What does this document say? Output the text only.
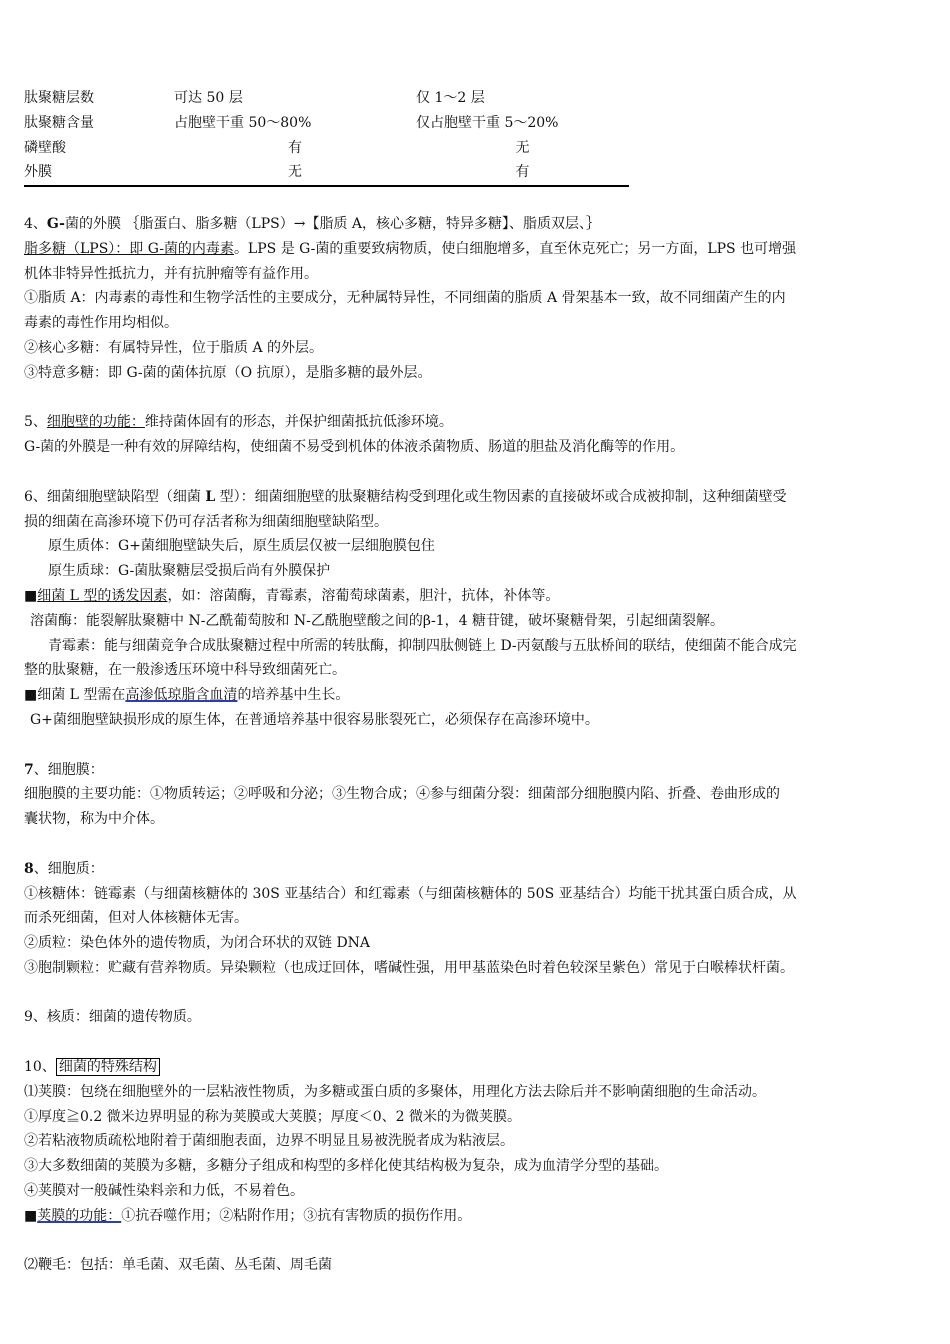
肽聚糖层数	可达 50 层	仅 1～2 层
肽聚糖含量	占胞壁干重 50～80%	仅占胞壁干重 5～20%
磷壁酸	有	无
外膜	无	有
4、G-菌的外膜 ｛脂蛋白、脂多糖（LPS）→【脂质 A，核心多糖，特异多糖】、脂质双层、｝
脂多糖（LPS）：即 G-菌的内毒素。LPS 是 G-菌的重要致病物质，使白细胞增多，直至休克死亡；另一方面，LPS 也可增强
机体非特异性抵抗力，并有抗肿瘤等有益作用。
①脂质 A：内毒素的毒性和生物学活性的主要成分，无种属特异性，不同细菌的脂质 A 骨架基本一致，故不同细菌产生的内
毒素的毒性作用均相似。
②核心多糖：有属特异性，位于脂质 A 的外层。
③特意多糖：即 G-菌的菌体抗原（O 抗原），是脂多糖的最外层。
5、细胞壁的功能：维持菌体固有的形态，并保护细菌抵抗低渗环境。
G-菌的外膜是一种有效的屏障结构，使细菌不易受到机体的体液杀菌物质、肠道的胆盐及消化酶等的作用。
6、细菌细胞壁缺陷型（细菌 L 型）：细菌细胞壁的肽聚糖结构受到理化或生物因素的直接破坏或合成被抑制，这种细菌壁受
损的细菌在高渗环境下仍可存活者称为细菌细胞壁缺陷型。
原生质体：G+菌细胞壁缺失后，原生质层仅被一层细胞膜包住
原生质球：G-菌肽聚糖层受损后尚有外膜保护
■细菌 L 型的诱发因素，如：溶菌酶，青霉素，溶葡萄球菌素，胆汁，抗体，补体等。
溶菌酶：能裂解肽聚糖中 N-乙酰葡萄胺和 N-乙酰胞壁酸之间的β-1，4 糖苷键，破坏聚糖骨架，引起细菌裂解。
青霉素：能与细菌竞争合成肽聚糖过程中所需的转肽酶，抑制四肽侧链上 D-丙氨酸与五肽桥间的联结，使细菌不能合成完
整的肽聚糖，在一般渗透压环境中科导致细菌死亡。
■细菌 L 型需在高渗低琼脂含血清的培养基中生长。
G+菌细胞壁缺损形成的原生体，在普通培养基中很容易胀裂死亡，必须保存在高渗环境中。
7、细胞膜：
细胞膜的主要功能：①物质转运；②呼吸和分泌；③生物合成；④参与细菌分裂：细菌部分细胞膜内陷、折叠、卷曲形成的
囊状物，称为中介体。
8、细胞质：
①核糖体：链霉素（与细菌核糖体的 30S 亚基结合）和红霉素（与细菌核糖体的 50S 亚基结合）均能干扰其蛋白质合成，从
而杀死细菌，但对人体核糖体无害。
②质粒：染色体外的遗传物质，为闭合环状的双链 DNA
③胞制颗粒：贮藏有营养物质。异染颗粒（也成迂回体，嗜碱性强，用甲基蓝染色时着色较深呈紫色）常见于白喉棒状杆菌。
9、核质：细菌的遗传物质。
10、 细菌的特殊结构
⑴荚膜：包绕在细胞壁外的一层粘液性物质，为多糖或蛋白质的多聚体，用理化方法去除后并不影响菌细胞的生命活动。
①厚度≧0.2 微米边界明显的称为荚膜或大荚膜；厚度＜0、2 微米的为微荚膜。
②若粘液物质疏松地附着于菌细胞表面，边界不明显且易被洗脱者成为粘液层。
③大多数细菌的荚膜为多糖，多糖分子组成和构型的多样化使其结构极为复杂，成为血清学分型的基础。
④荚膜对一般碱性染料亲和力低，不易着色。
■荚膜的功能：①抗吞噬作用；②粘附作用；③抗有害物质的损伤作用。
⑵鞭毛：包括：单毛菌、双毛菌、丛毛菌、周毛菌
